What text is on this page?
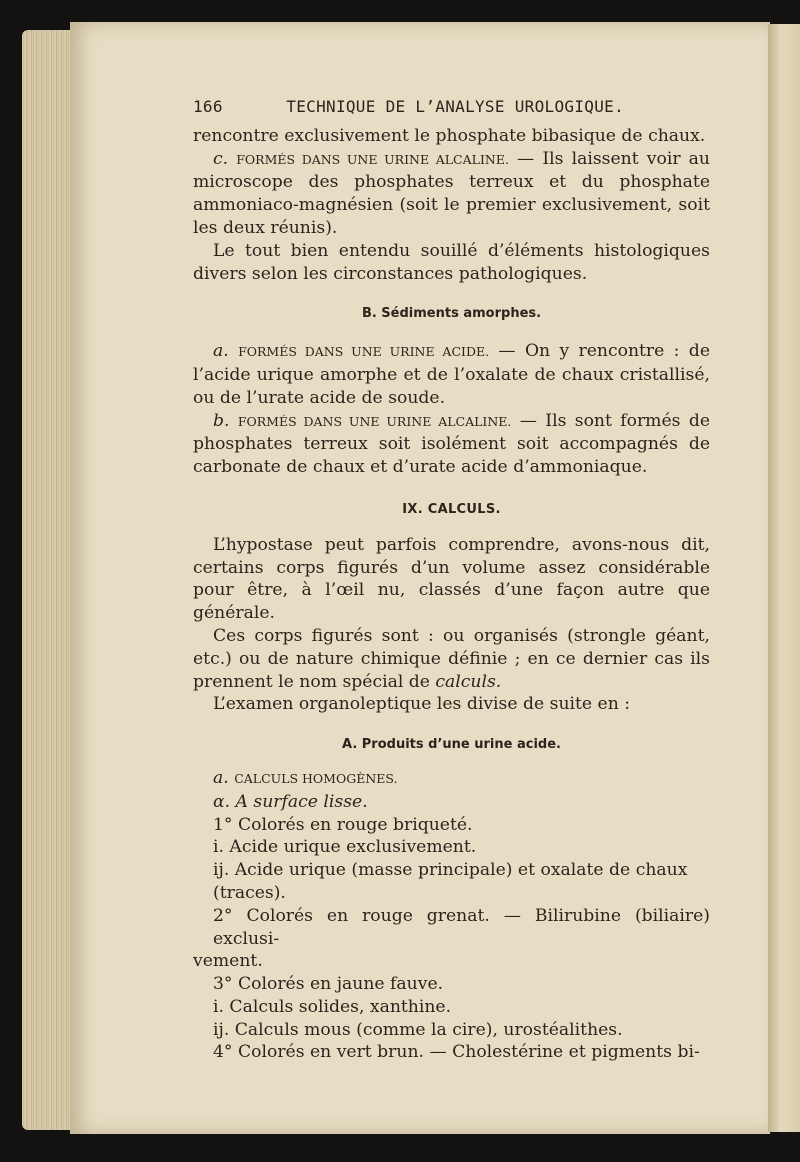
166	TECHNIQUE DE L’ANALYSE UROLOGIQUE.

rencontre exclusivement le phosphate bibasique de chaux.

c. FORMÉS DANS UNE URINE ALCALINE. — Ils laissent voir au microscope des phosphates terreux et du phosphate ammoniaco-magnésien (soit le premier exclusivement, soit les deux réunis).

Le tout bien entendu souillé d’éléments histologiques divers selon les circonstances pathologiques.

B. Sédiments amorphes.

a. FORMÉS DANS UNE URINE ACIDE. — On y rencontre : de l’acide urique amorphe et de l’oxalate de chaux cristallisé, ou de l’urate acide de soude.

b. FORMÉS DANS UNE URINE ALCALINE. — Ils sont formés de phosphates terreux soit isolément soit accompagnés de carbonate de chaux et d’urate acide d’ammoniaque.

IX. CALCULS.

L’hypostase peut parfois comprendre, avons-nous dit, certains corps figurés d’un volume assez considérable pour être, à l’œil nu, classés d’une façon autre que générale.

Ces corps figurés sont : ou organisés (strongle géant, etc.) ou de nature chimique définie ; en ce dernier cas ils prennent le nom spécial de calculs.

L’examen organoleptique les divise de suite en :

A. Produits d’une urine acide.

a. CALCULS HOMOGÈNES.

α. A surface lisse.

1° Colorés en rouge briqueté.

i. Acide urique exclusivement.

ij. Acide urique (masse principale) et oxalate de chaux (traces).

2° Colorés en rouge grenat. — Bilirubine (biliaire) exclusi-

vement.

3° Colorés en jaune fauve.

i. Calculs solides, xanthine.

ij. Calculs mous (comme la cire), urostéalithes.

4° Colorés en vert brun. — Cholestérine et pigments bi-
